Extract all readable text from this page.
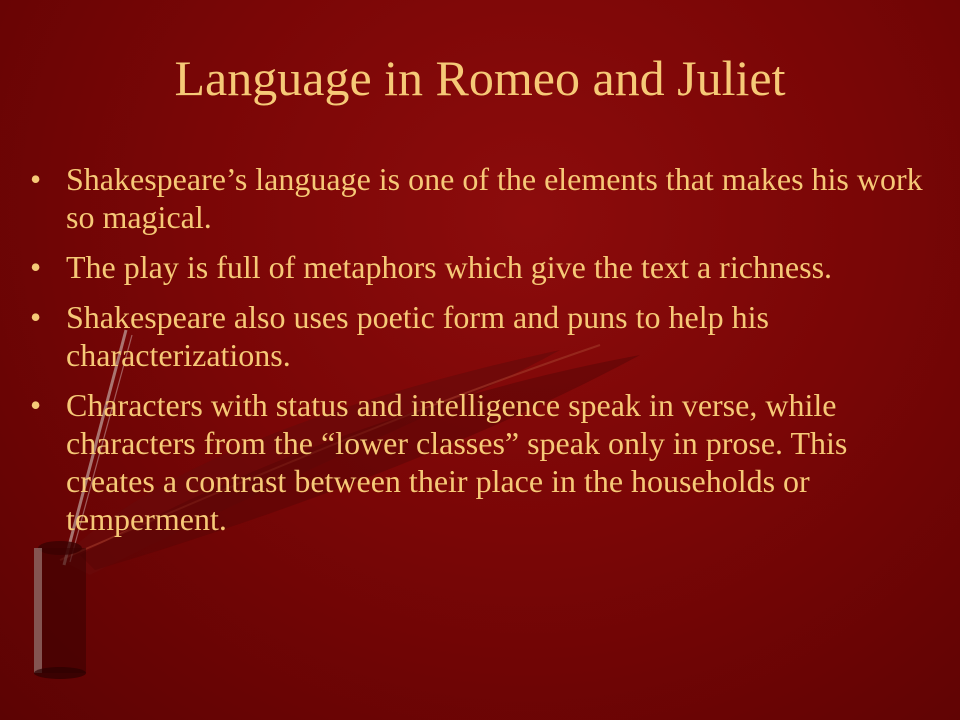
Language in Romeo and Juliet
• Shakespeare’s language is one of the elements that makes his work so magical.
• The play is full of metaphors which give the text a richness.
• Shakespeare also uses poetic form and puns to help his characterizations.
• Characters with status and intelligence speak in verse, while characters from the “lower classes” speak only in prose. This creates a contrast between their place in the households or temperment.
